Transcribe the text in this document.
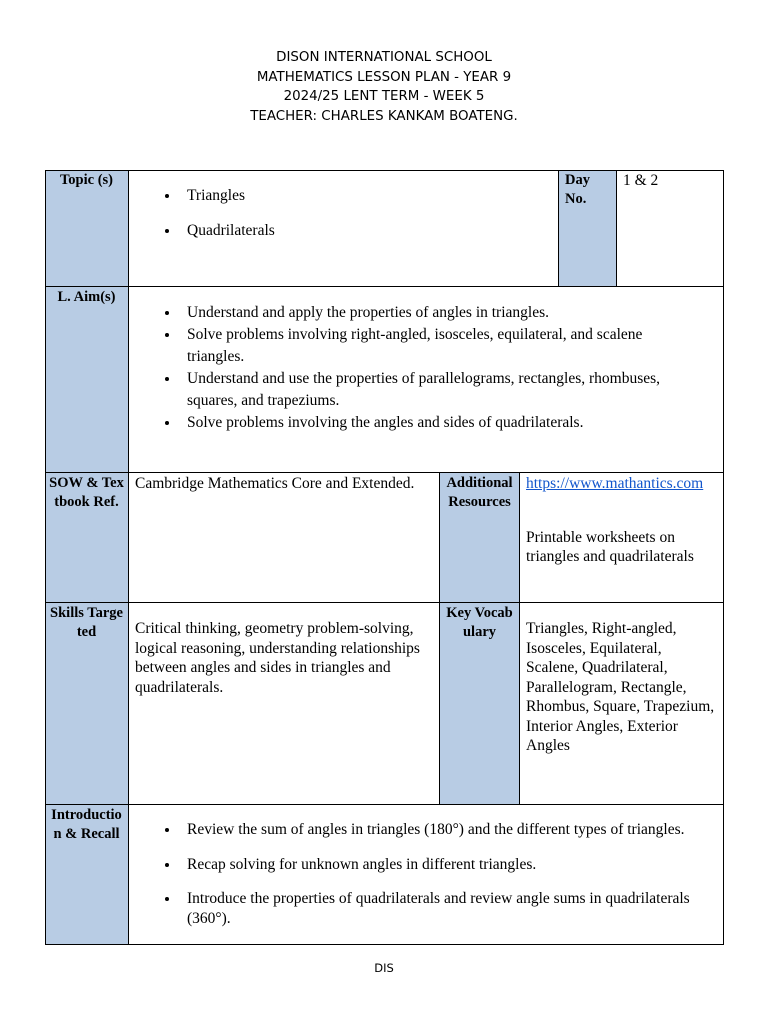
DISON INTERNATIONAL SCHOOL
MATHEMATICS LESSON PLAN - YEAR 9
2024/25 LENT TERM - WEEK 5
TEACHER: CHARLES KANKAM BOATENG.
Topic (s)
• Triangles
• Quadrilaterals
Day No.
1 & 2
L. Aim(s)
• Understand and apply the properties of angles in triangles.
• Solve problems involving right-angled, isosceles, equilateral, and scalene triangles.
• Understand and use the properties of parallelograms, rectangles, rhombuses, squares, and trapeziums.
• Solve problems involving the angles and sides of quadrilaterals.
SOW & Textbook Ref.
Cambridge Mathematics Core and Extended.	Additional Resources
https://www.mathantics.com
Printable worksheets on triangles and quadrilaterals
Skills Targeted	Critical thinking, geometry problem-solving, logical reasoning, understanding relationships between angles and sides in triangles and quadrilaterals.
Key Vocabulary	Triangles, Right-angled, Isosceles, Equilateral, Scalene, Quadrilateral, Parallelogram, Rectangle, Rhombus, Square, Trapezium, Interior Angles, Exterior Angles
Introduction & Recall
•	Review the sum of angles in triangles (180°) and the different types of triangles.
• Recap solving for unknown angles in different triangles.
• Introduce the properties of quadrilaterals and review angle sums in quadrilaterals (360°).
DIS
